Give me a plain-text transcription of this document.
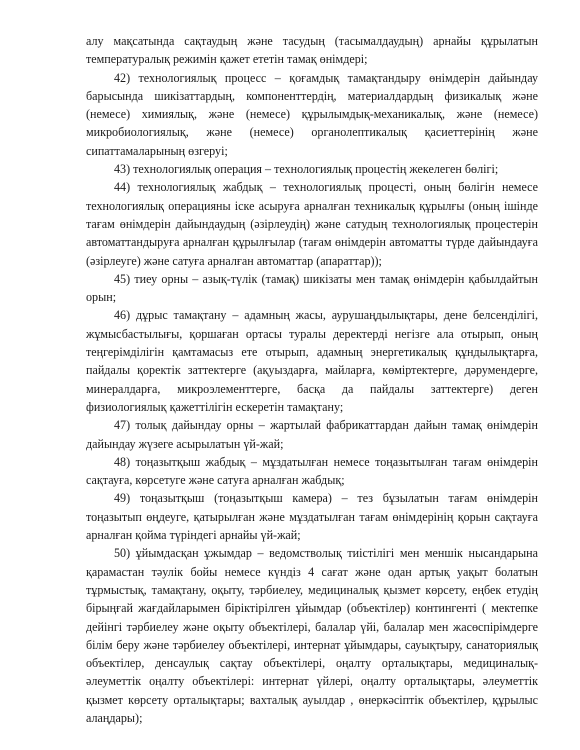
алу мақсатында сақтаудың және тасудың (тасымалдаудың) арнайы құрылатын температуралық режимін қажет ететін тамақ өнімдері;

42) технологиялық процесс – қоғамдық тамақтандыру өнімдерін дайындау барысында шикізаттардың, компоненттердің, материалдардың физикалық және (немесе) химиялық, және (немесе) құрылымдық-механикалық, және (немесе) микробиологиялық, және (немесе) органолептикалық қасиеттерінің және сипаттамаларының өзгеруі;

43) технологиялық операция – технологиялық процестің жекелеген бөлігі;

44) технологиялық жабдық – технологиялық процесті, оның бөлігін немесе технологиялық операцияны іске асыруға арналған техникалық құрылғы (оның ішінде тағам өнімдерін дайындаудың (әзірлеудің) және сатудың технологиялық процестерін автоматтандыруға арналған құрылғылар (тағам өнімдерін автоматты түрде дайындауға (әзірлеуге) және сатуға арналған автоматтар (апараттар));

45) тиеу орны – азық-түлік (тамақ) шикізаты мен тамақ өнімдерін қабылдайтын орын;

46) дұрыс тамақтану – адамның жасы, аурушаңдылықтары, дене белсенділігі, жұмысбастылығы, қоршаған ортасы туралы деректерді негізге ала отырып, оның теңгерімділігін қамтамасыз ете отырып, адамның энергетикалық құндылықтарға, пайдалы қоректік заттектерге (ақуыздарға, майларға, көміртектерге, дәрумендерге, минералдарға, микроэлементтерге, басқа да пайдалы заттектерге) деген физиологиялық қажеттілігін ескеретін тамақтану;

47) толық дайындау орны – жартылай фабрикаттардан дайын тамақ өнімдерін дайындау жүзеге асырылатын үй-жай;

48) тоңазытқыш жабдық – мұздатылған немесе тоңазытылған тағам өнімдерін сақтауға, көрсетуге және сатуға арналған жабдық;

49) тоңазытқыш (тоңазытқыш камера) – тез бұзылатын тағам өнімдерін тоңазытып өңдеуге, қатырылған және мұздатылған тағам өнімдерінің қорын сақтауға арналған қойма түріндегі арнайы үй-жай;

50) ұйымдасқан ұжымдар – ведомстволық тиістілігі мен меншік нысандарына қарамастан тәулік бойы немесе күндіз 4 сағат және одан артық уақыт болатын тұрмыстық, тамақтану, оқыту, тәрбиелеу, медициналық қызмет көрсету, еңбек етудің бірыңғай жағдайларымен біріктірілген ұйымдар (объектілер) контингенті ( мектепке дейінгі тәрбиелеу және оқыту объектілері, балалар үйі, балалар мен жасөспірімдерге білім беру және тәрбиелеу объектілері, интернат ұйымдары, сауықтыру, санаториялық объектілер, денсаулық сақтау объектілері, оңалту орталықтары, медициналық-әлеуметтік оңалту объектілері: интернат үйлері, оңалту орталықтары, әлеуметтік қызмет көрсету орталықтары; вахталық ауылдар , өнеркәсіптік объектілер, құрылыс алаңдары);
